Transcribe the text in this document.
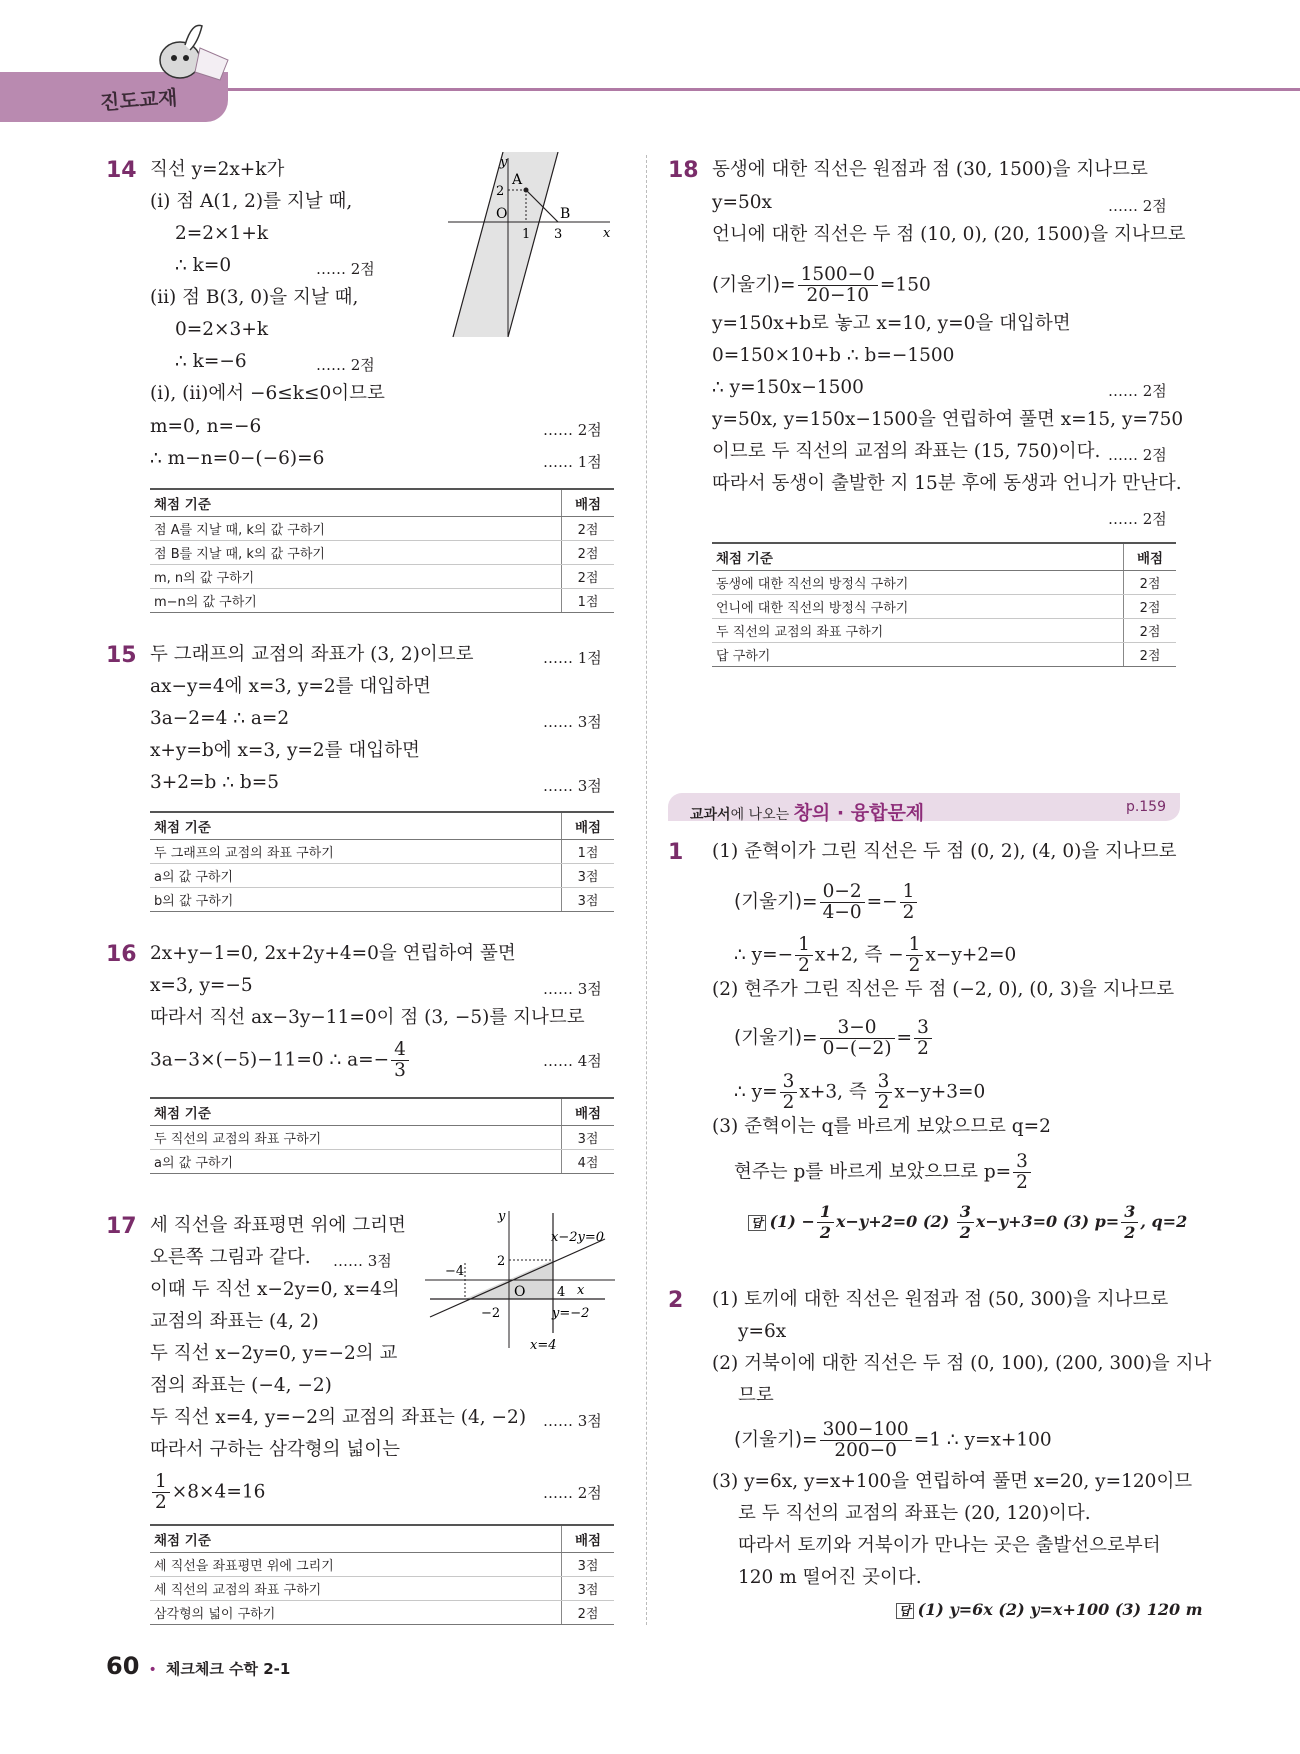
진도교재
14 직선 y=2x+k가
(ⅰ) 점 A(1, 2)를 지날 때,
2=2×1+k
∴ k=0	…… 2점
(ⅱ) 점 B(3, 0)을 지날 때,
0=2×3+k
∴ k=−6	…… 2점
(ⅰ), (ⅱ)에서 −6≤k≤0이므로
m=0, n=−6	…… 2점
∴ m−n=0−(−6)=6	…… 1점
y
x
O
A
B
2
1 3
채점 기준	배점
점 A를 지날 때, k의 값 구하기	2점
점 B를 지날 때, k의 값 구하기	2점
m, n의 값 구하기	2점
m−n의 값 구하기	1점
15 두 그래프의 교점의 좌표가 (3, 2)이므로	…… 1점
ax−y=4에 x=3, y=2를 대입하면
3a−2=4 ∴ a=2	…… 3점
x+y=b에 x=3, y=2를 대입하면
3+2=b ∴ b=5	…… 3점
채점 기준	배점
두 그래프의 교점의 좌표 구하기	1점
a의 값 구하기	3점
b의 값 구하기	3점
16 2x+y−1=0, 2x+2y+4=0을 연립하여 풀면
x=3, y=−5	…… 3점
따라서 직선 ax−3y−11=0이 점 (3, −5)를 지나므로
3a−3×(−5)−11=0 ∴ $a=- \frac{4}{3}$	…… 4점
채점 기준	배점
두 직선의 교점의 좌표 구하기	3점
a의 값 구하기	4점
17 세 직선을 좌표평면 위에 그리면
오른쪽 그림과 같다. …… 3점
이때 두 직선 x−2y=0, x=4의
교점의 좌표는 (4, 2)
두 직선 x−2y=0, y=−2의 교
점의 좌표는 (−4, −2)
두 직선 x=4, y=−2의 교점의 좌표는 (4, −2) …… 3점
따라서 구하는 삼각형의 넓이는
$\frac{1}{2} \times 8\times 4=16$	…… 2점
y
x
O
x−2y=0
y=−2
x=4
2
−2
−4
4
채점 기준	배점
세 직선을 좌표평면 위에 그리기	3점
세 직선의 교점의 좌표 구하기	3점
삼각형의 넓이 구하기	2점
18 동생에 대한 직선은 원점과 점 (30, 1500)을 지나므로
y=50x	…… 2점
언니에 대한 직선은 두 점 (10, 0), (20, 1500)을 지나므로
(기울기)= $\frac{1500-0}{20-10} =150$
y=150x+b로 놓고 x=10, y=0을 대입하면
0=150×10+b ∴ b=−1500
∴ y=150x−1500	…… 2점
y=50x, y=150x−1500을 연립하여 풀면 x=15, y=750
이므로 두 직선의 교점의 좌표는 (15, 750)이다. …… 2점
따라서 동생이 출발한 지 15분 후에 동생과 언니가 만난다.
…… 2점
채점 기준	배점
동생에 대한 직선의 방정식 구하기	2점
언니에 대한 직선의 방정식 구하기	2점
두 직선의 교점의 좌표 구하기	2점
답 구하기	2점
교과서에 나오는 창의 · 융합문제	p.159
1 (1) 준혁이가 그린 직선은 두 점 (0, 2), (4, 0)을 지나므로
(기울기)= $\frac{0-2}{4-0} =- \frac{1}{2}$
∴ $y=- \frac{1}{2} x+2$, 즉 − $\frac{1}{2} x-y+2=0$
(2) 현주가 그린 직선은 두 점 (−2, 0), (0, 3)을 지나므로
(기울기)= $\frac{3-0}{0-(-2)} = \frac{3}{2}$
∴ $y= \frac{3}{2} x+3$, 즉 $\frac{3}{2} x-y+3=0$
(3) 준혁이는 q를 바르게 보았으므로 q=2
현주는 p를 바르게 보았으므로 $p= \frac{3}{2}$
답 $(1) - \frac{1}{2} x-y+2=0$ $(2) \frac{3}{2} x-y+3=0$ (3) $p= \frac{3}{2}$ , q=2
2 (1) 토끼에 대한 직선은 원점과 점 (50, 300)을 지나므로
y=6x
(2) 거북이에 대한 직선은 두 점 (0, 100), (200, 300)을 지나
므로
(기울기)= $\frac{300-100}{200-0} =1$ ∴ y=x+100
(3) y=6x, y=x+100을 연립하여 풀면 x=20, y=120이므
로 두 직선의 교점의 좌표는 (20, 120)이다.
따라서 토끼와 거북이가 만나는 곳은 출발선으로부터
120 m 떨어진 곳이다.
답 (1) y=6x (2) y=x+100 (3) 120 m
60 • 체크체크 수학 2-1
